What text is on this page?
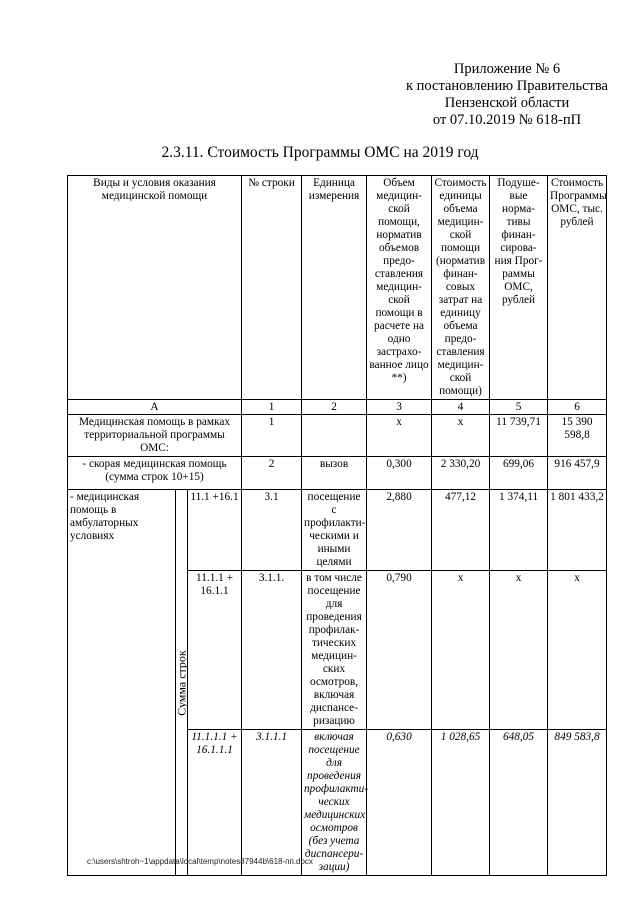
Приложение № 6
к постановлению Правительства
Пензенской области
от 07.10.2019 № 618-пП
2.3.11. Стоимость Программы ОМС на 2019 год
Виды и условия оказания медицинской помощи			№ строки	Единица измерения	Объем медицин-ской помощи, норматив объемов предо-ставления медицин-ской помощи в расчете на одно застрахо-ванное лицо **)	Стоимость единицы объема медицин-ской помощи (норматив финан-совых затрат на единицу объема предо-ставления медицин-ской помощи)	Подуше-вые норма-тивы финан-сирова-ния Прог-раммы ОМС, рублей	Стоимость Программы ОМС, тыс. рублей
А			1	2	3	4	5	6
Медицинская помощь в рамках территориальной программы ОМС:			1		х	х	11 739,71	15 390 598,8
- скорая медицинская помощь (сумма строк 10+15)			2	вызов	0,300	2 330,20	699,06	916 457,9
- медицинская помощь в амбулаторных условиях	Сумма строк	11.1 +16.1	3.1	посещение с профилакти-ческими и иными целями	2,880	477,12	1 374,11	1 801 433,2
		11.1.1 + 16.1.1	3.1.1.	в том числе посещение для проведения профилак-тических медицин-ских осмотров, включая диспансе-ризацию	0,790	х	х	х
		11.1.1.1 + 16.1.1.1	3.1.1.1	включая посещение для проведения профилакти-ческих медицинских осмотров (без учета диспансери-зации)	0,630	1 028,65	648,05	849 583,8
c:\users\shtroh~1\appdata\local\temp\notes87944b\618-пп.docx
